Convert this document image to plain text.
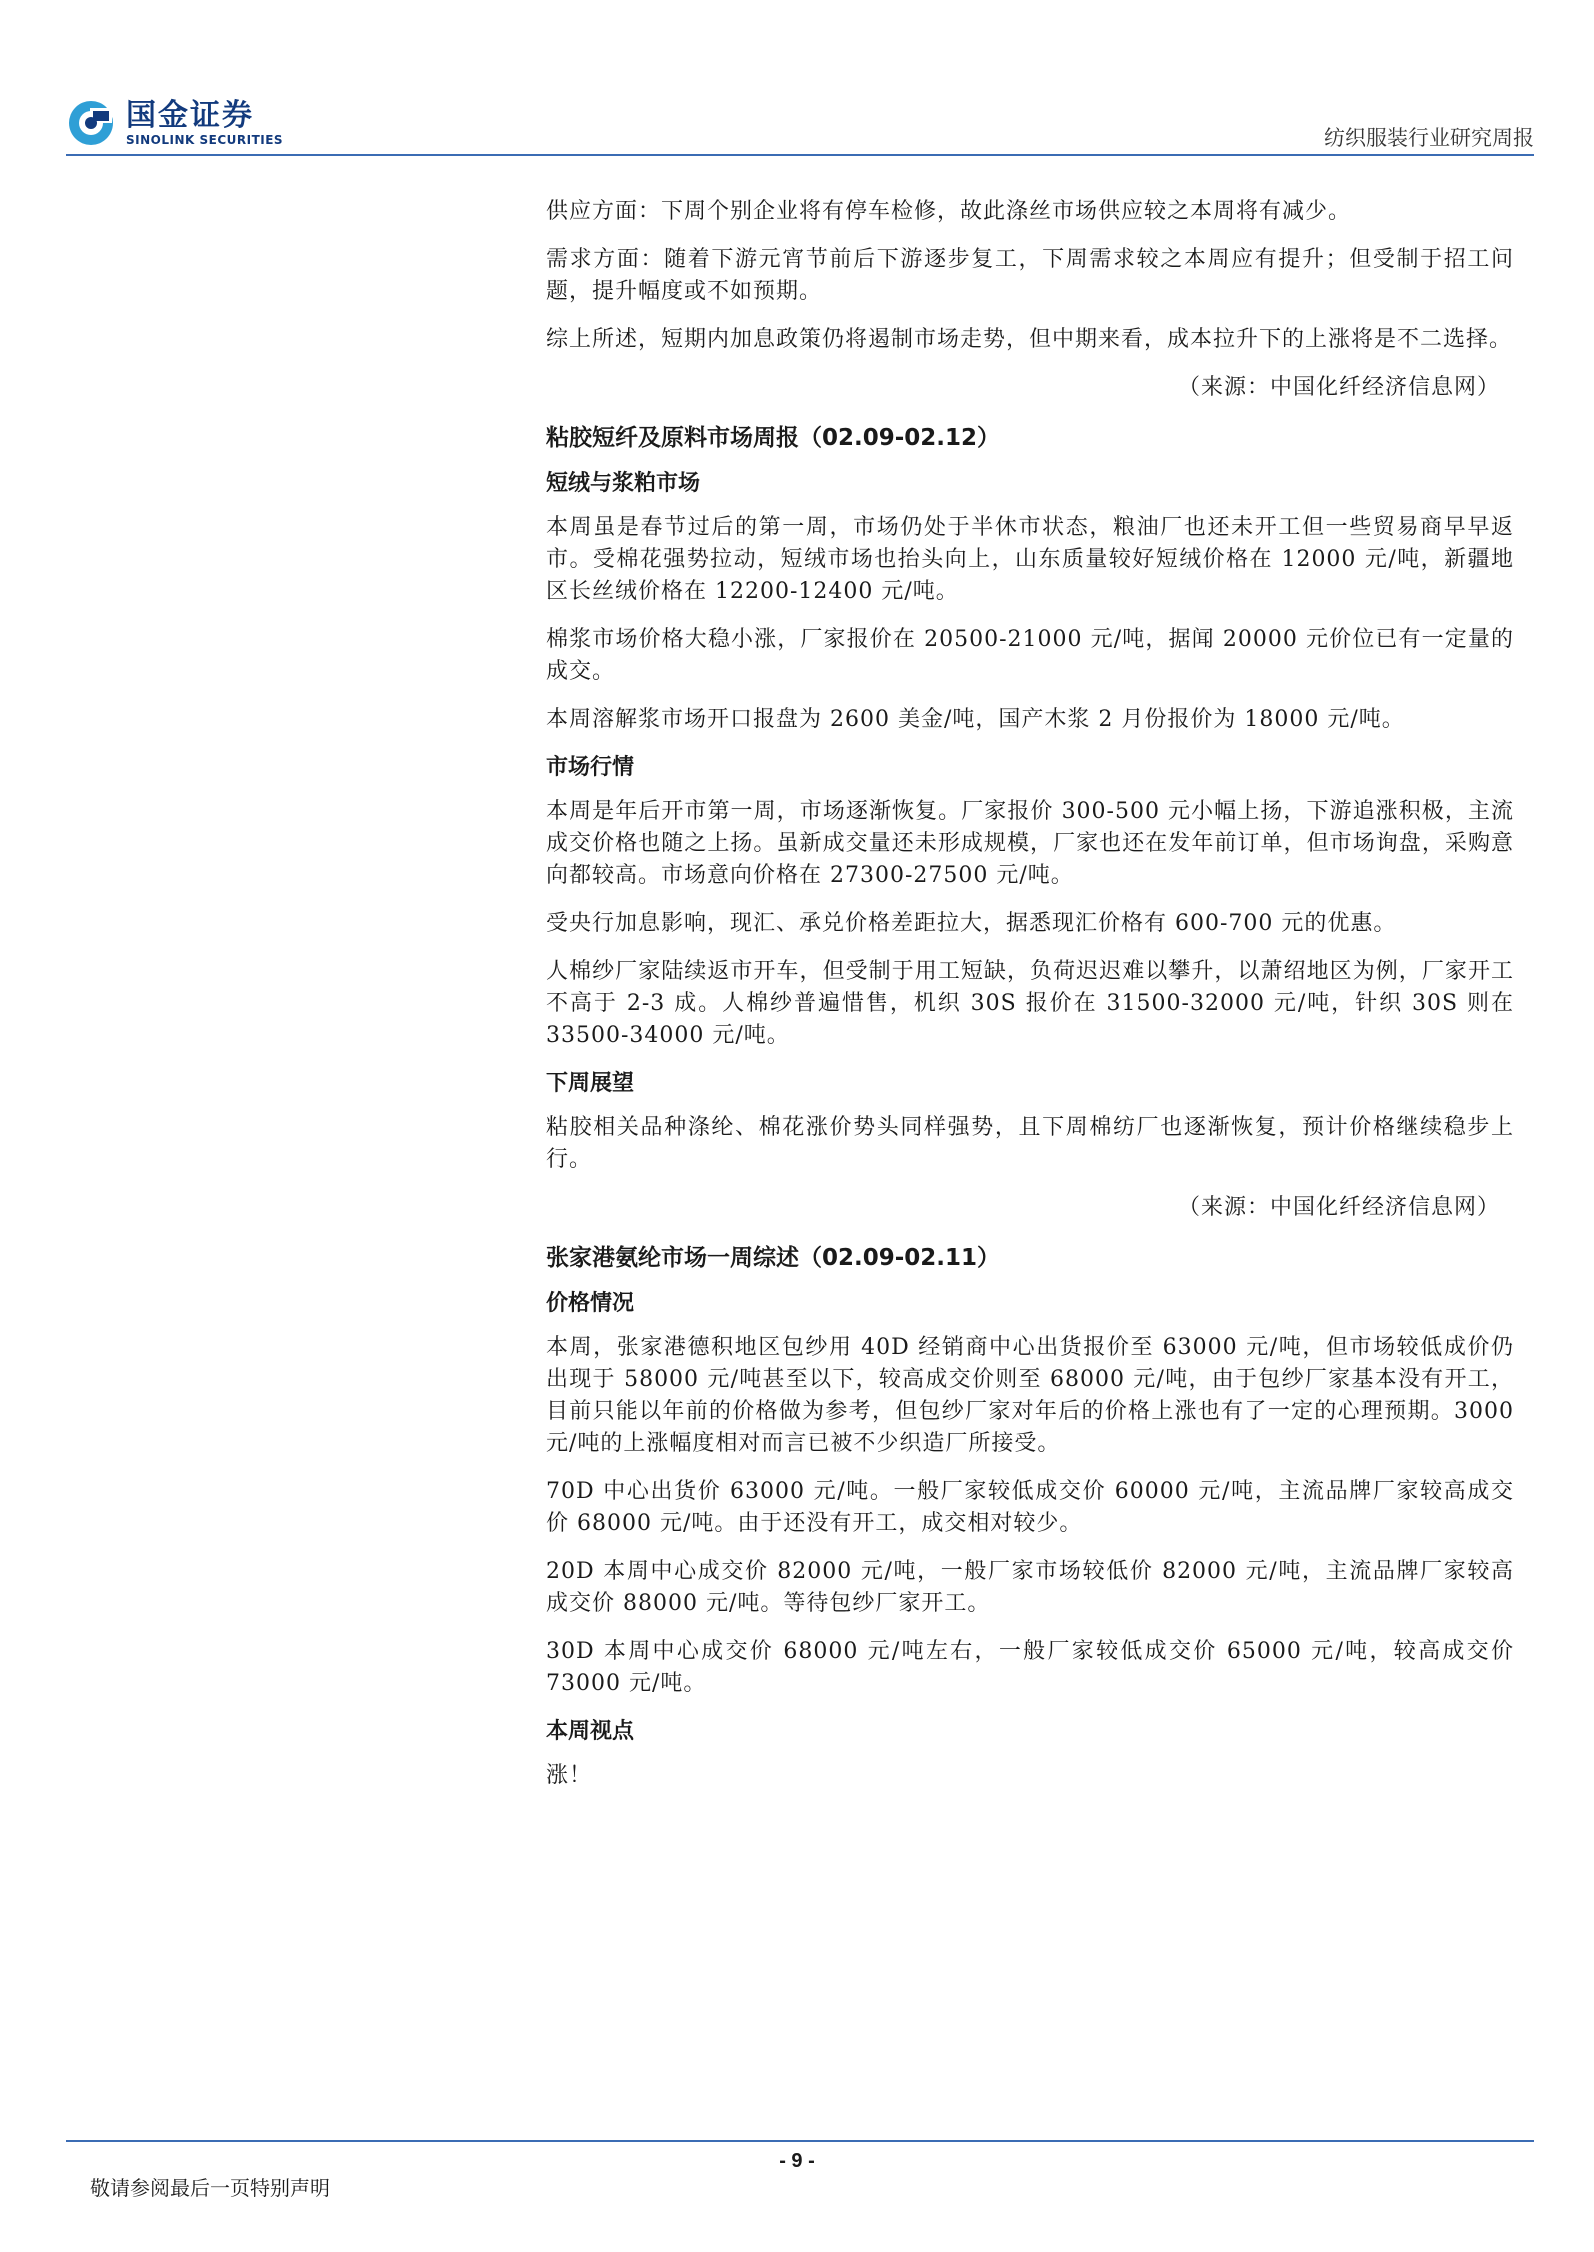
国金证券
SINOLINK SECURITIES	纺织服装行业研究周报

供应方面：下周个别企业将有停车检修，故此涤丝市场供应较之本周将有减少。

需求方面：随着下游元宵节前后下游逐步复工，下周需求较之本周应有提升；但受制于招工问题，提升幅度或不如预期。

综上所述，短期内加息政策仍将遏制市场走势，但中期来看，成本拉升下的上涨将是不二选择。

（来源：中国化纤经济信息网）

粘胶短纤及原料市场周报（02.09-02.12）
短绒与浆粕市场

本周虽是春节过后的第一周，市场仍处于半休市状态，粮油厂也还未开工但一些贸易商早早返市。受棉花强势拉动，短绒市场也抬头向上，山东质量较好短绒价格在 12000 元/吨，新疆地区长丝绒价格在 12200-12400 元/吨。

棉浆市场价格大稳小涨，厂家报价在 20500-21000 元/吨，据闻 20000 元价位已有一定量的成交。

本周溶解浆市场开口报盘为 2600 美金/吨，国产木浆 2 月份报价为 18000 元/吨。

市场行情

本周是年后开市第一周，市场逐渐恢复。厂家报价 300-500 元小幅上扬，下游追涨积极，主流成交价格也随之上扬。虽新成交量还未形成规模，厂家也还在发年前订单，但市场询盘，采购意向都较高。市场意向价格在 27300-27500 元/吨。

受央行加息影响，现汇、承兑价格差距拉大，据悉现汇价格有 600-700 元的优惠。

人棉纱厂家陆续返市开车，但受制于用工短缺，负荷迟迟难以攀升，以萧绍地区为例，厂家开工不高于 2-3 成。人棉纱普遍惜售，机织 30S 报价在 31500-32000 元/吨，针织 30S 则在 33500-34000 元/吨。

下周展望

粘胶相关品种涤纶、棉花涨价势头同样强势，且下周棉纺厂也逐渐恢复，预计价格继续稳步上行。

（来源：中国化纤经济信息网）

张家港氨纶市场一周综述（02.09-02.11）
价格情况

本周，张家港德积地区包纱用 40D 经销商中心出货报价至 63000 元/吨，但市场较低成价仍出现于 58000 元/吨甚至以下，较高成交价则至 68000 元/吨，由于包纱厂家基本没有开工，目前只能以年前的价格做为参考，但包纱厂家对年后的价格上涨也有了一定的心理预期。3000 元/吨的上涨幅度相对而言已被不少织造厂所接受。

70D 中心出货价 63000 元/吨。一般厂家较低成交价 60000 元/吨，主流品牌厂家较高成交价 68000 元/吨。由于还没有开工，成交相对较少。

20D 本周中心成交价 82000 元/吨，一般厂家市场较低价 82000 元/吨，主流品牌厂家较高成交价 88000 元/吨。等待包纱厂家开工。

30D 本周中心成交价 68000 元/吨左右，一般厂家较低成交价 65000 元/吨，较高成交价 73000 元/吨。

本周视点

涨！

- 9 -
敬请参阅最后一页特别声明
